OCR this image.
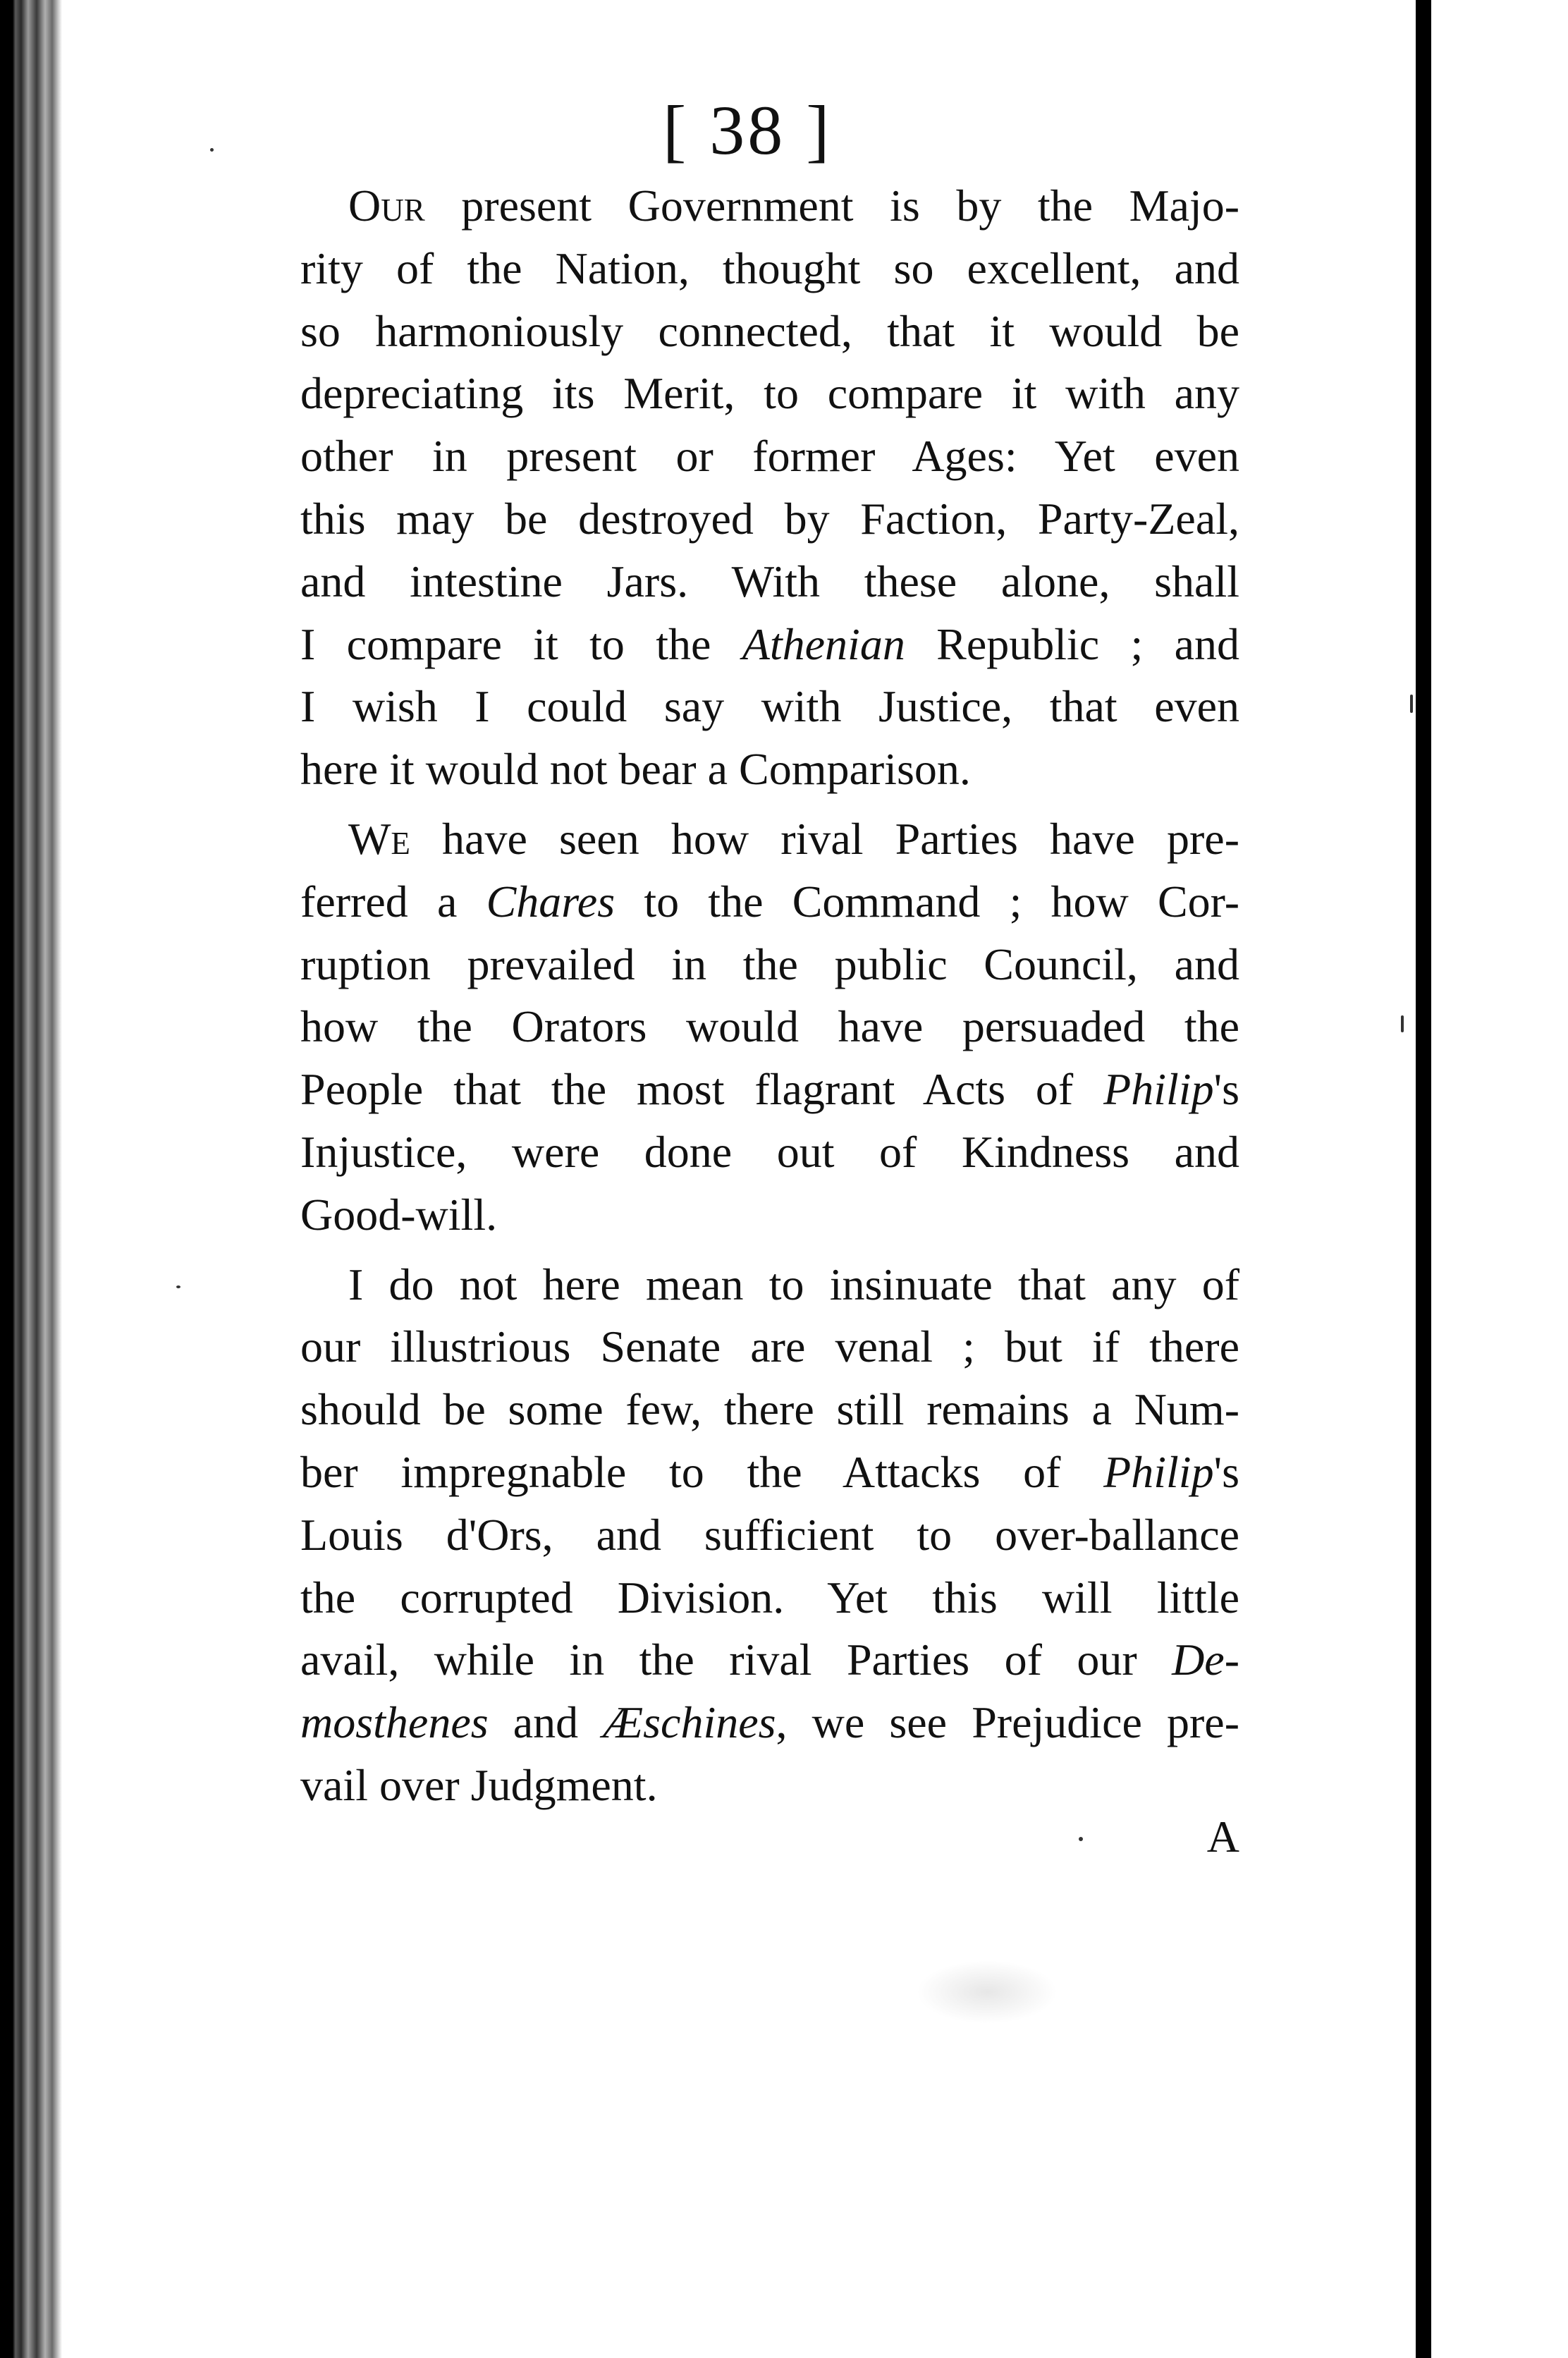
[ 38 ]
Our present Government is by the Majo-
rity of the Nation, thought so excellent, and
so harmoniously connected, that it would be
depreciating its Merit, to compare it with any
other in present or former Ages: Yet even
this may be destroyed by Faction, Party-Zeal,
and intestine Jars. With these alone, shall
I compare it to the Athenian Republic ; and
I wish I could say with Justice, that even
here it would not bear a Comparison.
We have seen how rival Parties have pre-
ferred a Chares to the Command ; how Cor-
ruption prevailed in the public Council, and
how the Orators would have persuaded the
People that the most flagrant Acts of Philip's
Injustice, were done out of Kindness and
Good-will.
I do not here mean to insinuate that any of
our illustrious Senate are venal ; but if there
should be some few, there still remains a Num-
ber impregnable to the Attacks of Philip's
Louis d'Ors, and sufficient to over-ballance
the corrupted Division. Yet this will little
avail, while in the rival Parties of our De-
mosthenes and Æschines, we see Prejudice pre-
vail over Judgment.
A
